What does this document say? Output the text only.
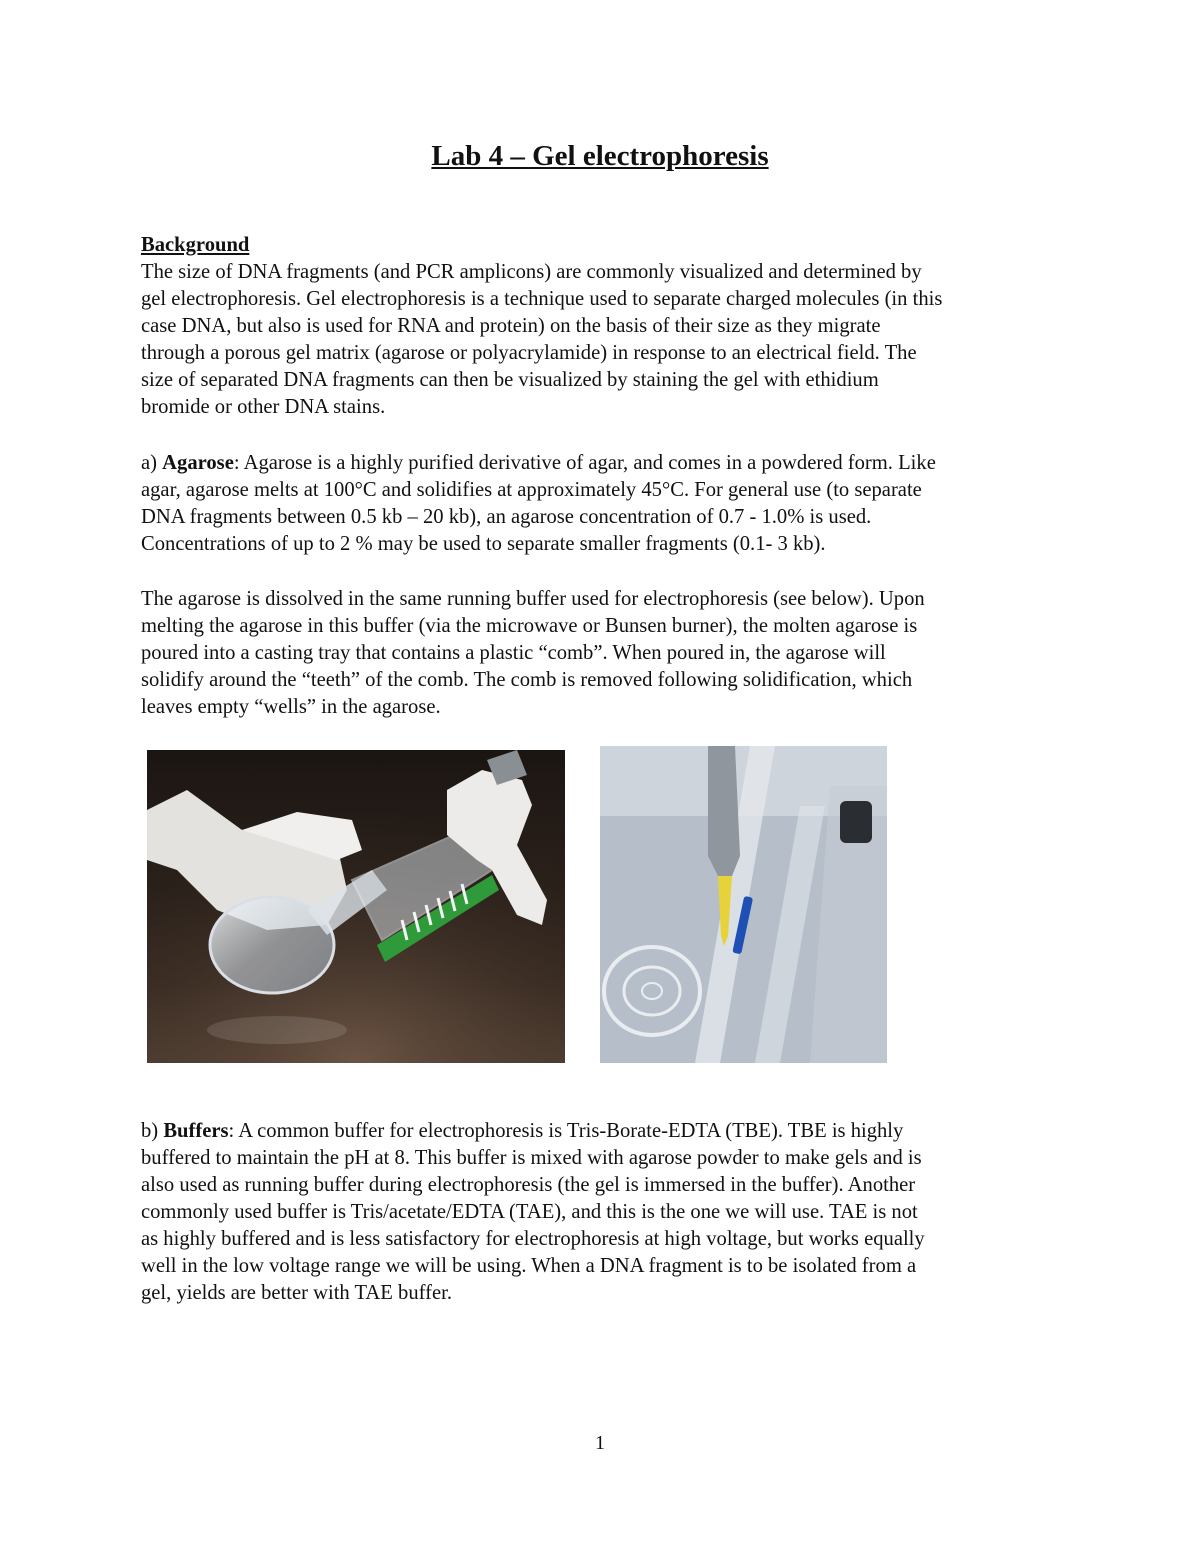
Lab 4 – Gel electrophoresis
Background
The size of DNA fragments (and PCR amplicons) are commonly visualized and determined by
gel electrophoresis. Gel electrophoresis is a technique used to separate charged molecules (in this
case DNA, but also is used for RNA and protein) on the basis of their size as they migrate
through a porous gel matrix (agarose or polyacrylamide) in response to an electrical field. The
size of separated DNA fragments can then be visualized by staining the gel with ethidium
bromide or other DNA stains.
a) Agarose: Agarose is a highly purified derivative of agar, and comes in a powdered form. Like
agar, agarose melts at 100°C and solidifies at approximately 45°C. For general use (to separate
DNA fragments between 0.5 kb – 20 kb), an agarose concentration of 0.7 - 1.0% is used.
Concentrations of up to 2 % may be used to separate smaller fragments (0.1- 3 kb).
The agarose is dissolved in the same running buffer used for electrophoresis (see below). Upon
melting the agarose in this buffer (via the microwave or Bunsen burner), the molten agarose is
poured into a casting tray that contains a plastic “comb”. When poured in, the agarose will
solidify around the “teeth” of the comb. The comb is removed following solidification, which
leaves empty “wells” in the agarose.
b) Buffers: A common buffer for electrophoresis is Tris-Borate-EDTA (TBE). TBE is highly
buffered to maintain the pH at 8. This buffer is mixed with agarose powder to make gels and is
also used as running buffer during electrophoresis (the gel is immersed in the buffer). Another
commonly used buffer is Tris/acetate/EDTA (TAE), and this is the one we will use. TAE is not
as highly buffered and is less satisfactory for electrophoresis at high voltage, but works equally
well in the low voltage range we will be using. When a DNA fragment is to be isolated from a
gel, yields are better with TAE buffer.

1
